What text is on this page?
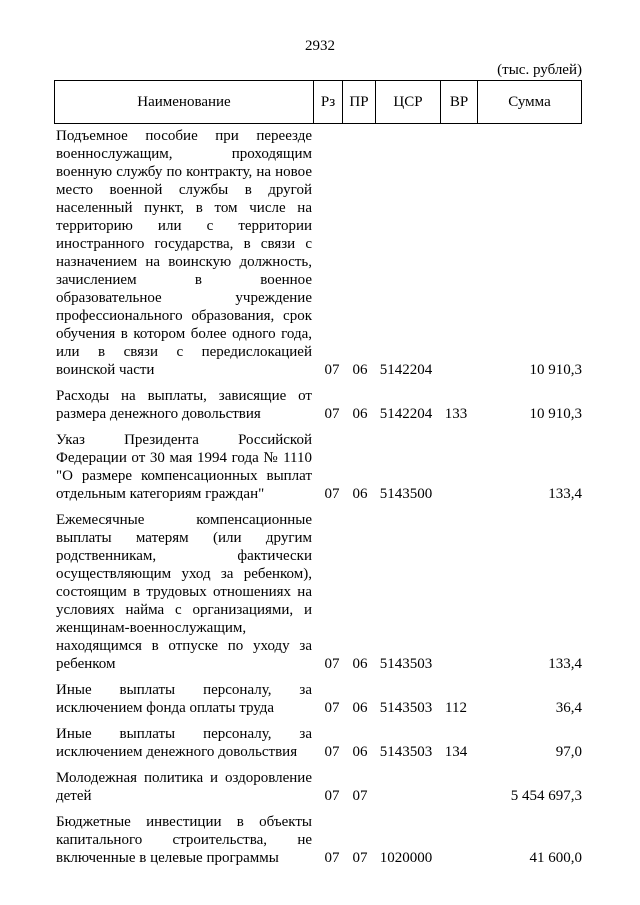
2932
(тыс. рублей)
Наименование	Рз ПР	ЦСР	ВР	Сумма
Подъемное пособие при переезде военнослужащим, проходящим военную службу по контракту, на новое место военной службы в другой населенный пункт, в том числе на территорию или с территории иностранного государства, в связи с назначением на воинскую должность, зачислением в военное образовательное учреждение профессионального образования, срок обучения в котором более одного года, или в связи с передислокацией воинской части	07 06 5142204	10 910,3
Расходы на выплаты, зависящие от размера денежного довольствия	07 06 5142204 133	10 910,3
Указ Президента Российской Федерации от 30 мая 1994 года № 1110 "О размере компенсационных выплат отдельным категориям граждан"	07 06 5143500	133,4
Ежемесячные компенсационные выплаты матерям (или другим родственникам, фактически осуществляющим уход за ребенком), состоящим в трудовых отношениях на условиях найма с организациями, и женщинам-военнослужащим, находящимся в отпуске по уходу за ребенком	07 06 5143503	133,4
Иные выплаты персоналу, за исключением фонда оплаты труда	07 06 5143503 112	36,4
Иные выплаты персоналу, за исключением денежного довольствия	07 06 5143503 134	97,0
Молодежная политика и оздоровление детей	07 07	5 454 697,3
Бюджетные инвестиции в объекты капитального строительства, не включенные в целевые программы	07 07 1020000	41 600,0
